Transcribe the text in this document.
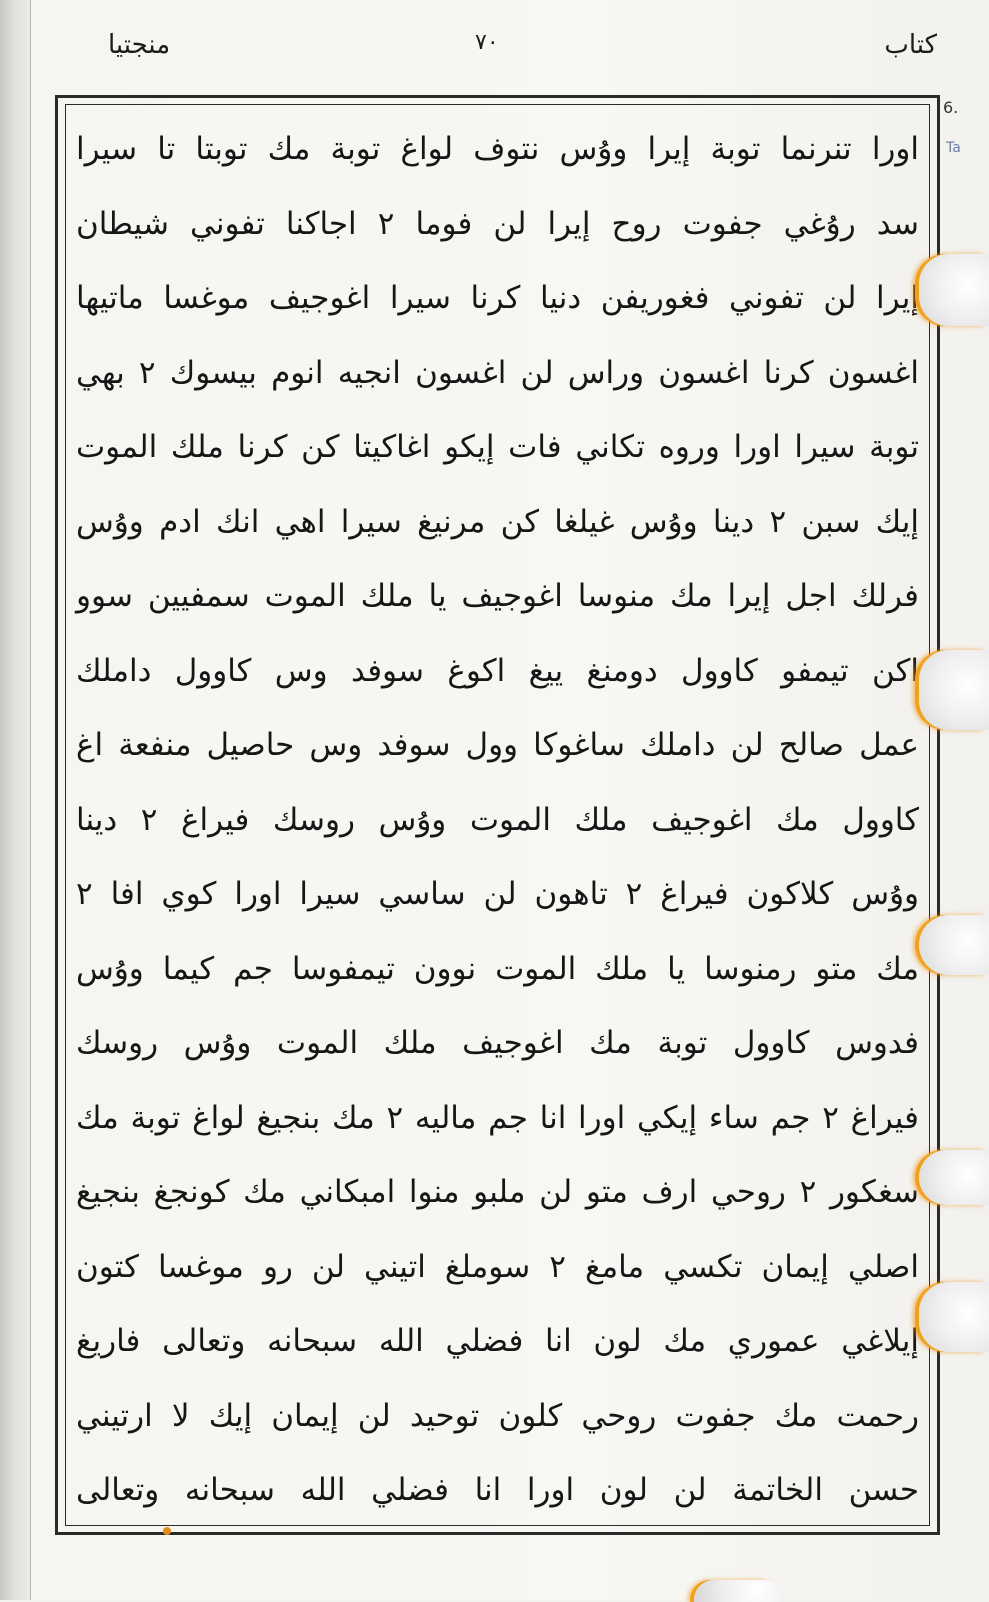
منجتيا	٧٠	كتاب
6.
Ta
اورا تنرنما توبة إيرا وۇس نتوف لواغ توبة مك توبتا تا سيرا
سد رۇغي جفوت روح إيرا لن فوما ٢ اجاكنا تفوني شيطان
إيرا لن تفوني فغوريفن دنيا كرنا سيرا اغوجيف موغسا ماتيها
اغسون كرنا اغسون وراس لن اغسون انجيه انوم بيسوك ٢ بهي
توبة سيرا اورا وروه تكاني فات إيكو اغاكيتا كن كرنا ملك الموت
إيك سبن ٢ دينا وۇس غيلغا كن مرنيغ سيرا اهي انك ادم وۇس
فرلك اجل إيرا مك منوسا اغوجيف يا ملك الموت سمفيين سوو
اكن تيمفو كاوول دومنغ ييغ اكوغ سوفد وس كاوول داملك
عمل صالح لن داملك ساغوكا وول سوفد وس حاصيل منفعة اغ
كاوول مك اغوجيف ملك الموت وۇس روسك فيراغ ٢ دينا
وۇس كلاكون فيراغ ٢ تاهون لن ساسي سيرا اورا كوي افا ٢
مك متو رمنوسا يا ملك الموت نوون تيمفوسا جم كيما وۇس
فدوس كاوول توبة مك اغوجيف ملك الموت وۇس روسك
فيراغ ٢ جم ساء إيكي اورا انا جم ماليه ٢ مك بنجيغ لواغ توبة مك
سغكور ٢ روحي ارف متو لن ملبو منوا امبكاني مك كونجغ بنجيغ
اصلي إيمان تكسي مامغ ٢ سوملغ اتيني لن رو موغسا كتون
إيلاغي عموري مك لون انا فضلي الله سبحانه وتعالى فاريغ
رحمت مك جفوت روحي كلون توحيد لن إيمان إيك لا ارتيني
حسن الخاتمة لن لون اورا انا فضلي الله سبحانه وتعالى
